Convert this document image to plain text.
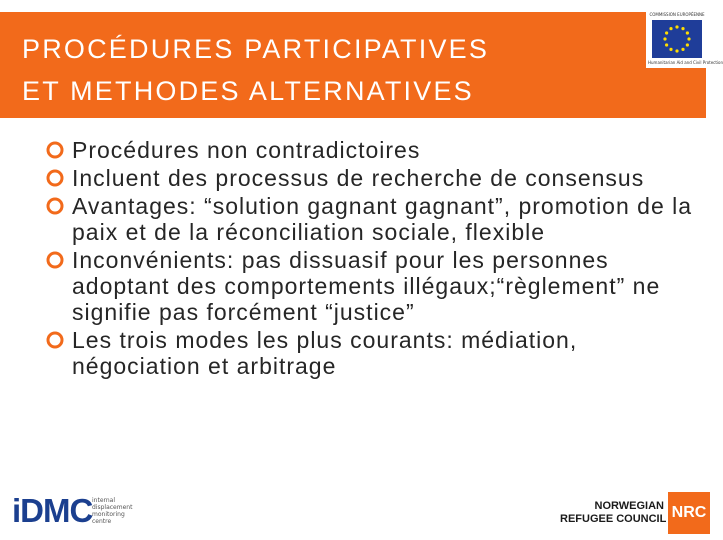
PROCÉDURES PARTICIPATIVES
ET METHODES ALTERNATIVES
COMMISSION EUROPÉENNE
Humanitarian Aid and Civil Protection
Procédures non contradictoires
Incluent des processus de recherche de consensus
Avantages: “solution gagnant gagnant”, promotion de la paix et de la réconciliation sociale, flexible
Inconvénients: pas dissuasif pour les personnes adoptant des comportements illégaux;“règlement” ne signifie pas forcément “justice”
Les trois modes les plus courants: médiation, négociation et arbitrage
iDMC internal
displacement
monitoring
centre
NORWEGIAN
REFUGEE COUNCIL NRC
